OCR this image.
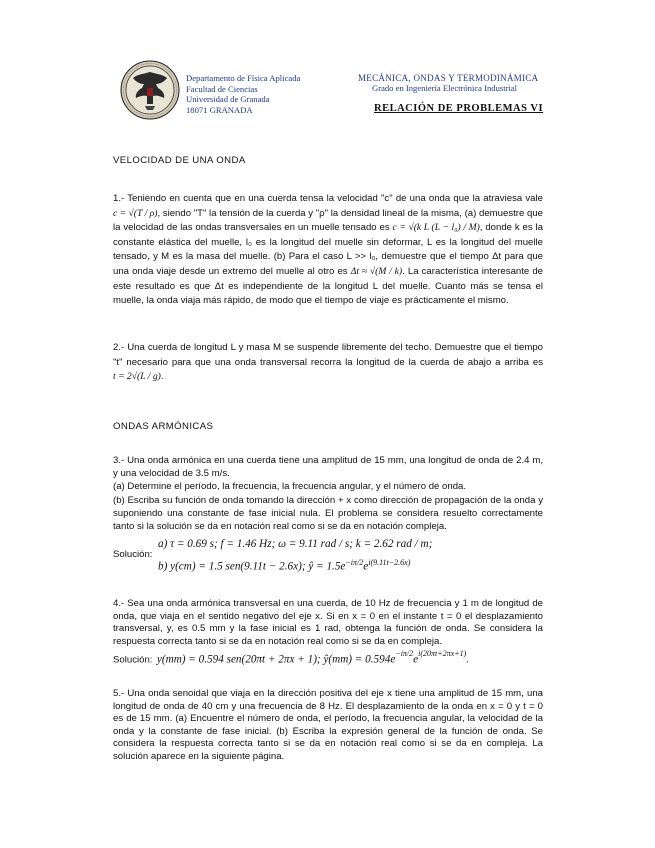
Departamento de Física Aplicada
Facultad de Ciencias
Universidad de Granada
18071 GRANADA
MECÁNICA, ONDAS Y TERMODINÁMICA
Grado en Ingeniería Electrónica Industrial
RELACIÓN DE PROBLEMAS VI
VELOCIDAD DE UNA ONDA

1.- Teniendo en cuenta que en una cuerda tensa la velocidad "c" de una onda que la atraviesa vale c = √(T / ρ), siendo "T" la tensión de la cuerda y "ρ" la densidad lineal de la misma, (a) demuestre que la velocidad de las ondas transversales en un muelle tensado es c = √(k L (L − l₀) / M), donde k es la constante elástica del muelle, l₀ es la longitud del muelle sin deformar, L es la longitud del muelle tensado, y M es la masa del muelle. (b) Para el caso L >> l₀, demuestre que el tiempo Δt para que una onda viaje desde un extremo del muelle al otro es Δt ≈ √(M / k). La característica interesante de este resultado es que Δt es independiente de la longitud L del muelle. Cuanto más se tensa el muelle, la onda viaja más rápido, de modo que el tiempo de viaje es prácticamente el mismo.

2.- Una cuerda de longitud L y masa M se suspende libremente del techo. Demuestre que el tiempo "t" necesario para que una onda transversal recorra la longitud de la cuerda de abajo a arriba es t = 2√(L / g).

ONDAS ARMÓNICAS

3.- Una onda armónica en una cuerda tiene una amplitud de 15 mm, una longitud de onda de 2.4 m, y una velocidad de 3.5 m/s.

(a) Determine el período, la frecuencia, la frecuencia angular, y el número de onda.

(b) Escriba su función de onda tomando la dirección + x como dirección de propagación de la onda y suponiendo una constante de fase inicial nula. El problema se considera resuelto correctamente tanto si la solución se da en notación real como si se da en notación compleja.

Solución:
a) τ = 0.69 s; f = 1.46 Hz; ω = 9.11 rad / s; k = 2.62 rad / m;
b) y(cm) = 1.5 sen(9.11t − 2.6x); ŷ = $1.5e^{-i\pi/2}e^{i(9.11t-2.6x)}$

4.- Sea una onda armónica transversal en una cuerda, de 10 Hz de frecuencia y 1 m de longitud de onda, que viaja en el sentido negativo del eje x. Si en x = 0 en el instante t = 0 el desplazamiento transversal, y, es 0.5 mm y la fase inicial es 1 rad, obtenga la función de onda. Se considera la respuesta correcta tanto si se da en notación real como si se da en compleja.

Solución: y(mm) = 0.594 sen(20πt + 2πx + 1); ŷ(mm) = $0.594e^{-i\pi/2}e^{i(20\pi t+2\pi x+1)}$.

5.- Una onda senoidal que viaja en la dirección positiva del eje x tiene una amplitud de 15 mm, una longitud de onda de 40 cm y una frecuencia de 8 Hz. El desplazamiento de la onda en x = 0 y t = 0 es de 15 mm. (a) Encuentre el número de onda, el período, la frecuencia angular, la velocidad de la onda y la constante de fase inicial. (b) Escriba la expresión general de la función de onda. Se considera la respuesta correcta tanto si se da en notación real como si se da en compleja. La solución aparece en la siguiente página.
